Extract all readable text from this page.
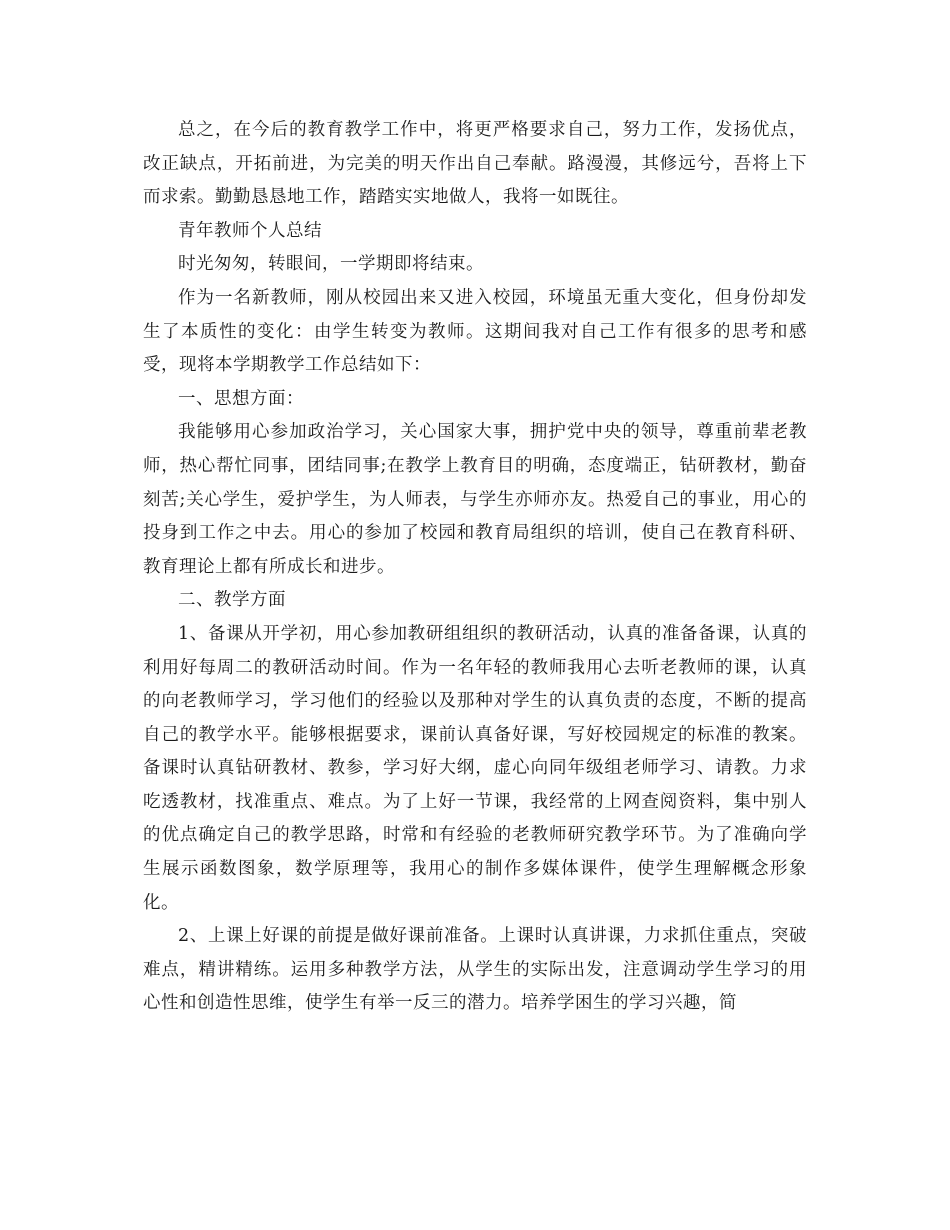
总之，在今后的教育教学工作中，将更严格要求自己，努力工作，发扬优点，改正缺点，开拓前进，为完美的明天作出自己奉献。路漫漫，其修远兮，吾将上下而求索。勤勤恳恳地工作，踏踏实实地做人，我将一如既往。

青年教师个人总结

时光匆匆，转眼间，一学期即将结束。

作为一名新教师，刚从校园出来又进入校园，环境虽无重大变化，但身份却发生了本质性的变化：由学生转变为教师。这期间我对自己工作有很多的思考和感受，现将本学期教学工作总结如下：

一、思想方面：

我能够用心参加政治学习，关心国家大事，拥护党中央的领导，尊重前辈老教师，热心帮忙同事，团结同事;在教学上教育目的明确，态度端正，钻研教材，勤奋刻苦;关心学生，爱护学生，为人师表，与学生亦师亦友。热爱自己的事业，用心的投身到工作之中去。用心的参加了校园和教育局组织的培训，使自己在教育科研、教育理论上都有所成长和进步。

二、教学方面

1、备课从开学初，用心参加教研组组织的教研活动，认真的准备备课，认真的利用好每周二的教研活动时间。作为一名年轻的教师我用心去听老教师的课，认真的向老教师学习，学习他们的经验以及那种对学生的认真负责的态度，不断的提高自己的教学水平。能够根据要求，课前认真备好课，写好校园规定的标准的教案。备课时认真钻研教材、教参，学习好大纲，虚心向同年级组老师学习、请教。力求吃透教材，找准重点、难点。为了上好一节课，我经常的上网查阅资料，集中别人的优点确定自己的教学思路，时常和有经验的老教师研究教学环节。为了准确向学生展示函数图象，数学原理等，我用心的制作多媒体课件，使学生理解概念形象化。

2、上课上好课的前提是做好课前准备。上课时认真讲课，力求抓住重点，突破难点，精讲精练。运用多种教学方法，从学生的实际出发，注意调动学生学习的用心性和创造性思维，使学生有举一反三的潜力。培养学困生的学习兴趣，简
